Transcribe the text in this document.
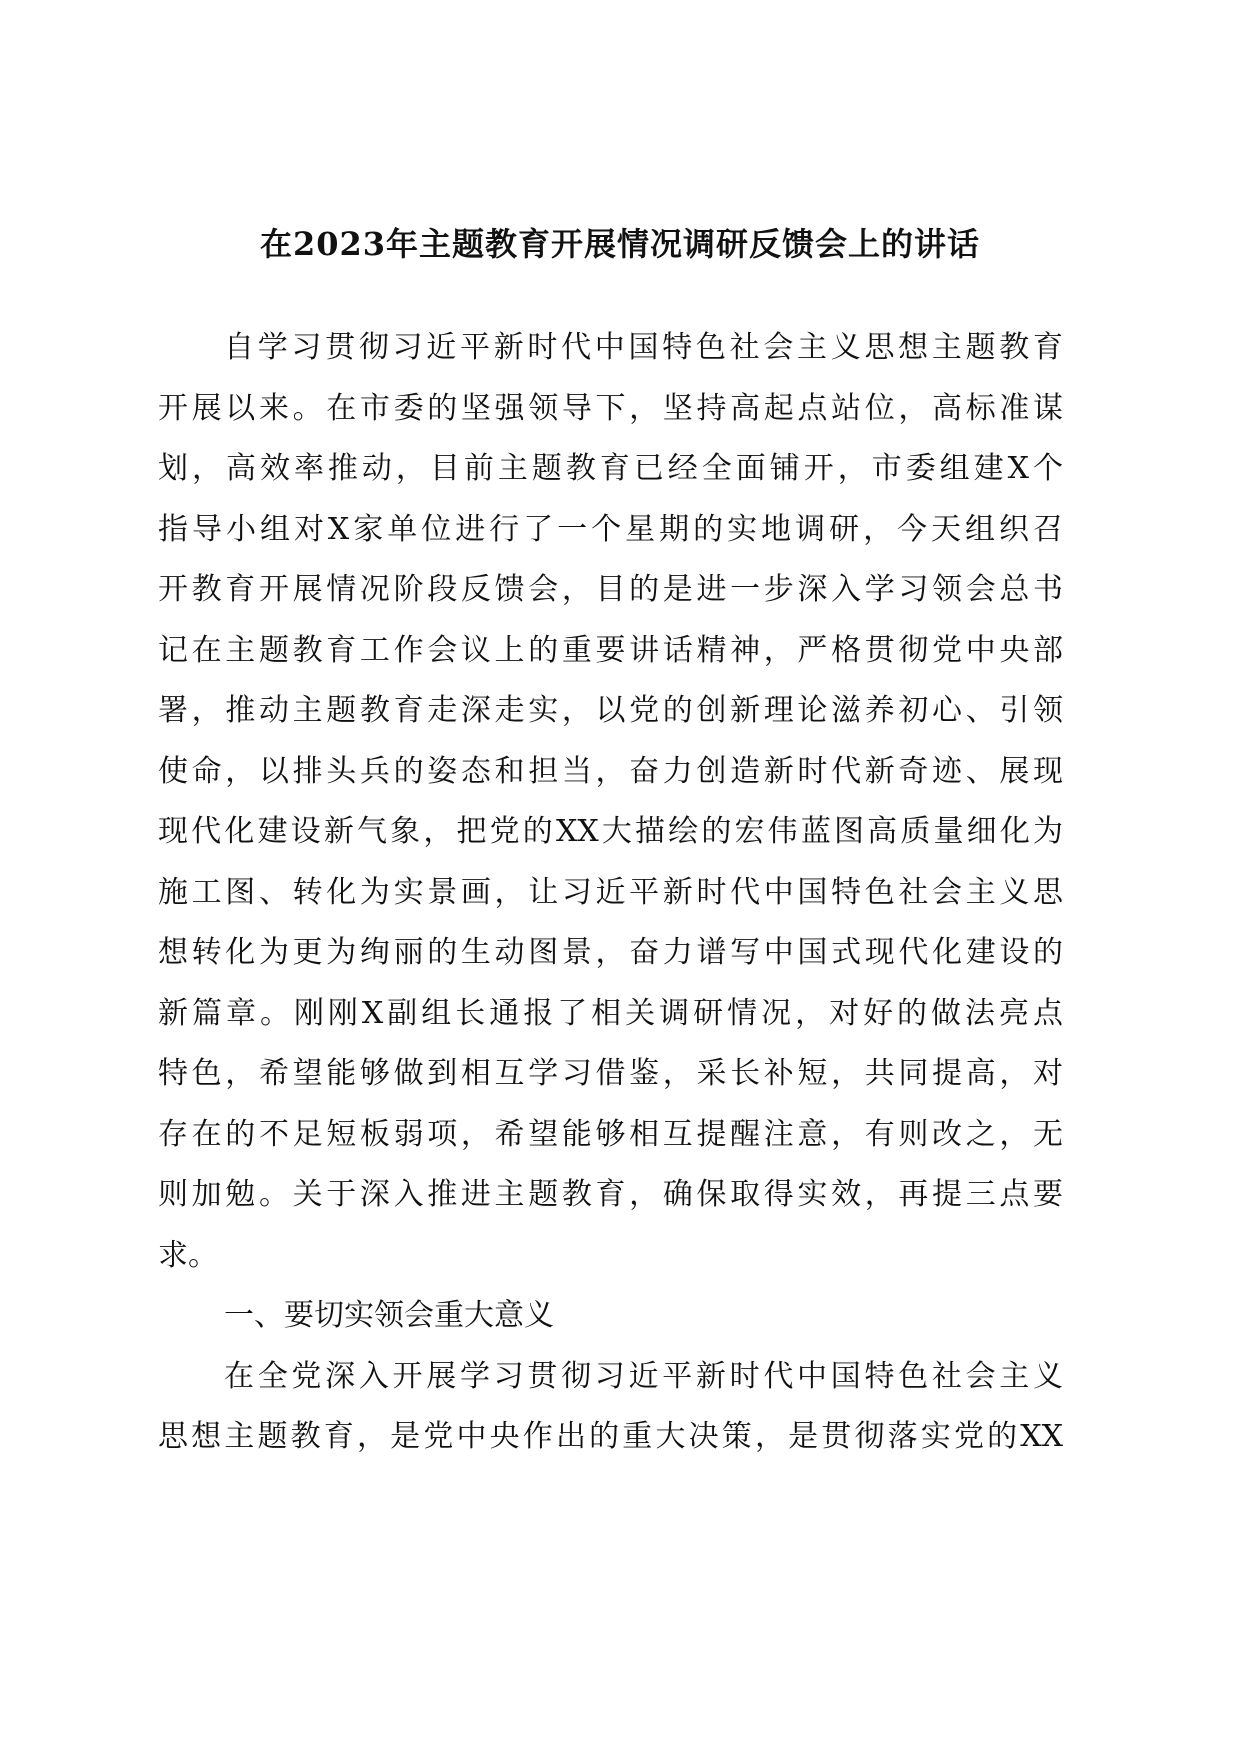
在2023年主题教育开展情况调研反馈会上的讲话
自学习贯彻习近平新时代中国特色社会主义思想主题教育
开展以来。在市委的坚强领导下，坚持高起点站位，高标准谋
划，高效率推动，目前主题教育已经全面铺开，市委组建X个
指导小组对X家单位进行了一个星期的实地调研，今天组织召
开教育开展情况阶段反馈会，目的是进一步深入学习领会总书
记在主题教育工作会议上的重要讲话精神，严格贯彻党中央部
署，推动主题教育走深走实，以党的创新理论滋养初心、引领
使命，以排头兵的姿态和担当，奋力创造新时代新奇迹、展现
现代化建设新气象，把党的XX大描绘的宏伟蓝图高质量细化为
施工图、转化为实景画，让习近平新时代中国特色社会主义思
想转化为更为绚丽的生动图景，奋力谱写中国式现代化建设的
新篇章。刚刚X副组长通报了相关调研情况，对好的做法亮点
特色，希望能够做到相互学习借鉴，采长补短，共同提高，对
存在的不足短板弱项，希望能够相互提醒注意，有则改之，无
则加勉。关于深入推进主题教育，确保取得实效，再提三点要
求。
一、要切实领会重大意义
在全党深入开展学习贯彻习近平新时代中国特色社会主义
思想主题教育，是党中央作出的重大决策，是贯彻落实党的XX
